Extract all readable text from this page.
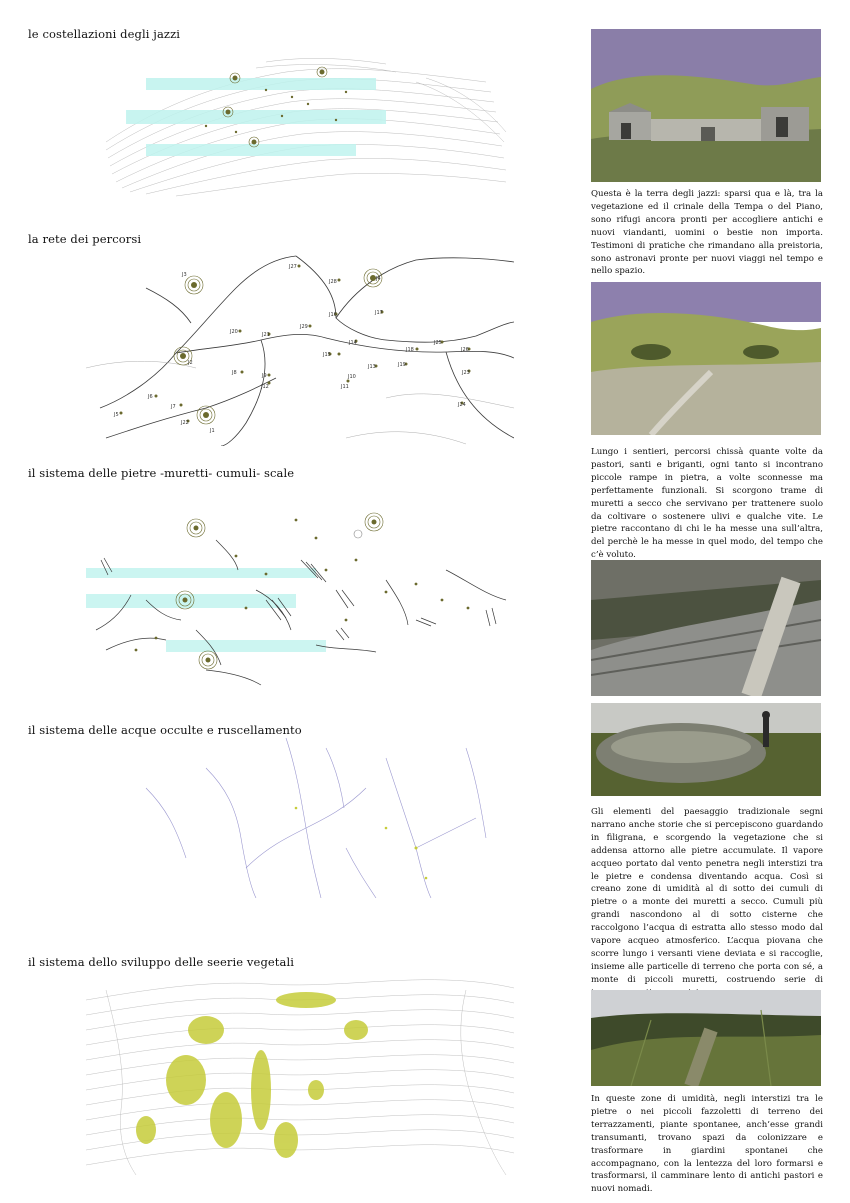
le costellazioni degli jazzi
la rete dei percorsi
il sistema delle pietre -muretti- cumuli- scale
il sistema delle acque occulte e ruscellamento
il sistema dello sviluppo delle seerie vegetali
J3
J4
J2
J1
J27
J28
J20	J21
J29
J16
J15
J14
J17
J18
J25
J26
J19
J8	J9	J10
J24
J23
J6
J7
J5
J22
J13
J11
J12
Questa è la terra degli jazzi: sparsi qua e là, tra la vegetazione ed il crinale della Tempa o del Piano, sono rifugi ancora pronti per accogliere antichi e nuovi viandanti, uomini o bestie non importa. Testimoni di pratiche che rimandano alla preistoria, sono astronavi pronte per nuovi viaggi nel tempo e nello spazio.
Lungo i sentieri, percorsi chissà quante volte da pastori, santi e briganti, ogni tanto si incontrano piccole rampe in pietra, a volte sconnesse ma perfettamente funzionali. Si scorgono trame di muretti a secco che servivano per trattenere suolo da coltivare o sostenere ulivi e qualche vite. Le pietre raccontano di chi le ha messe una sull’altra, del perchè le ha messe in quel modo, del tempo che c’è voluto.
Gli elementi del paesaggio tradizionale segni narrano anche storie che si percepiscono guardando in filigrana, e scorgendo la vegetazione che si addensa attorno alle pietre accumulate. Il vapore acqueo portato dal vento penetra negli interstizi tra le pietre e condensa diventando acqua. Così si creano zone di umidità al di sotto dei cumuli di pietre o a monte dei muretti a secco. Cumuli più grandi nascondono al di sotto cisterne che raccolgono l’acqua di estratta allo stesso modo dal vapore acqueo atmosferico. L’acqua piovana che scorre lungo i versanti viene deviata e si raccoglie, insieme alle particelle di terreno che porta con sé, a monte di piccoli muretti, costruendo serie di
In queste zone di umidità, negli interstizi tra le pietre o nei piccoli fazzoletti di terreno dei terrazzamenti, piante spontanee, anch’esse grandi transumanti, trovano spazi da colonizzare e trasformare in giardini spontanei che accompagnano, con la lentezza del loro formarsi e trasformarsi, il camminare lento di antichi pastori e nuovi nomadi.
